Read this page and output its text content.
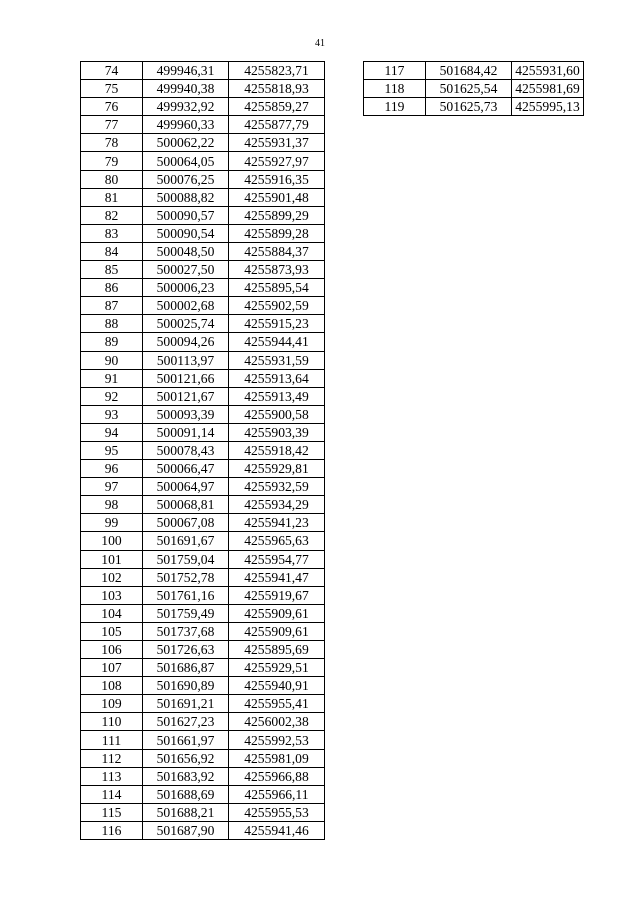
41
74	499946,31	4255823,71
75	499940,38	4255818,93
76	499932,92	4255859,27
77	499960,33	4255877,79
78	500062,22	4255931,37
79	500064,05	4255927,97
80	500076,25	4255916,35
81	500088,82	4255901,48
82	500090,57	4255899,29
83	500090,54	4255899,28
84	500048,50	4255884,37
85	500027,50	4255873,93
86	500006,23	4255895,54
87	500002,68	4255902,59
88	500025,74	4255915,23
89	500094,26	4255944,41
90	500113,97	4255931,59
91	500121,66	4255913,64
92	500121,67	4255913,49
93	500093,39	4255900,58
94	500091,14	4255903,39
95	500078,43	4255918,42
96	500066,47	4255929,81
97	500064,97	4255932,59
98	500068,81	4255934,29
99	500067,08	4255941,23
100	501691,67	4255965,63
101	501759,04	4255954,77
102	501752,78	4255941,47
103	501761,16	4255919,67
104	501759,49	4255909,61
105	501737,68	4255909,61
106	501726,63	4255895,69
107	501686,87	4255929,51
108	501690,89	4255940,91
109	501691,21	4255955,41
110	501627,23	4256002,38
111	501661,97	4255992,53
112	501656,92	4255981,09
113	501683,92	4255966,88
114	501688,69	4255966,11
115	501688,21	4255955,53
116	501687,90	4255941,46
117	501684,42	4255931,60
118	501625,54	4255981,69
119	501625,73	4255995,13
